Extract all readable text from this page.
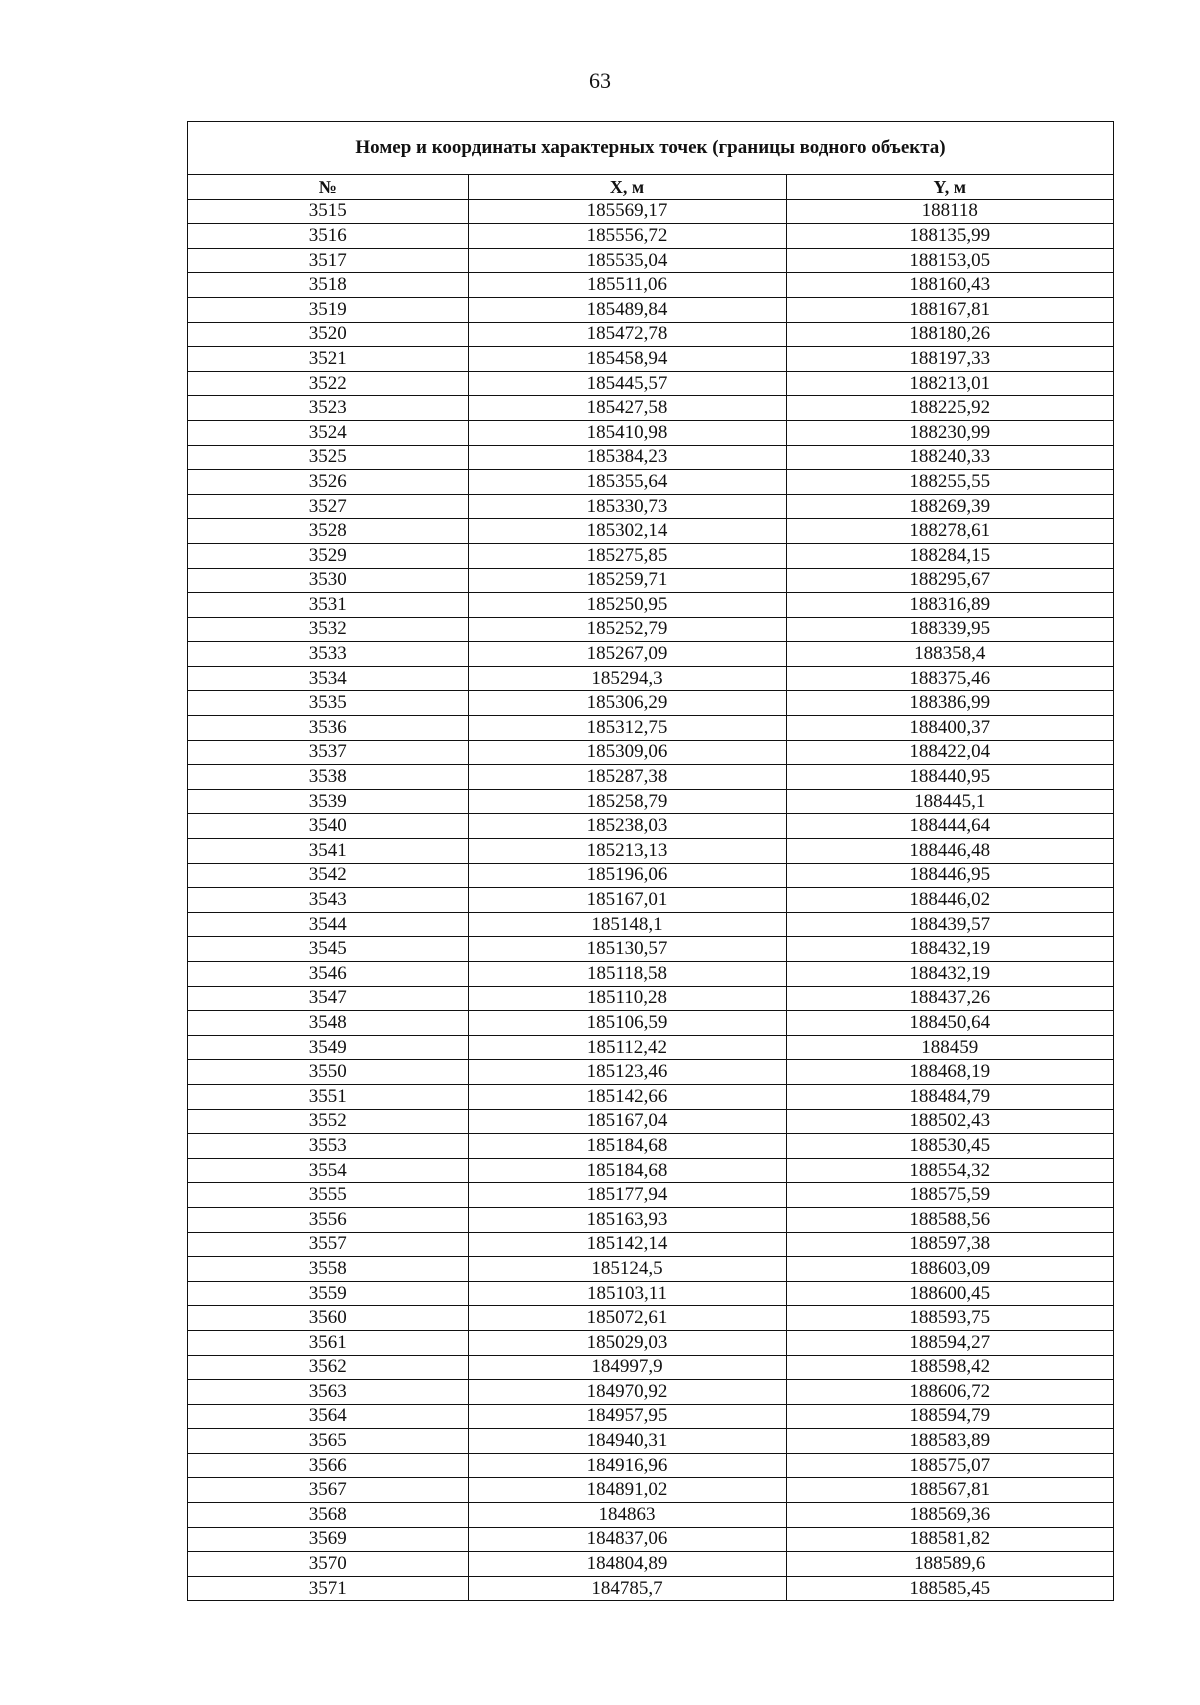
63
Номер и координаты характерных точек (границы водного объекта)
№	X, м	Y, м
3515	185569,17	188118
3516	185556,72	188135,99
3517	185535,04	188153,05
3518	185511,06	188160,43
3519	185489,84	188167,81
3520	185472,78	188180,26
3521	185458,94	188197,33
3522	185445,57	188213,01
3523	185427,58	188225,92
3524	185410,98	188230,99
3525	185384,23	188240,33
3526	185355,64	188255,55
3527	185330,73	188269,39
3528	185302,14	188278,61
3529	185275,85	188284,15
3530	185259,71	188295,67
3531	185250,95	188316,89
3532	185252,79	188339,95
3533	185267,09	188358,4
3534	185294,3	188375,46
3535	185306,29	188386,99
3536	185312,75	188400,37
3537	185309,06	188422,04
3538	185287,38	188440,95
3539	185258,79	188445,1
3540	185238,03	188444,64
3541	185213,13	188446,48
3542	185196,06	188446,95
3543	185167,01	188446,02
3544	185148,1	188439,57
3545	185130,57	188432,19
3546	185118,58	188432,19
3547	185110,28	188437,26
3548	185106,59	188450,64
3549	185112,42	188459
3550	185123,46	188468,19
3551	185142,66	188484,79
3552	185167,04	188502,43
3553	185184,68	188530,45
3554	185184,68	188554,32
3555	185177,94	188575,59
3556	185163,93	188588,56
3557	185142,14	188597,38
3558	185124,5	188603,09
3559	185103,11	188600,45
3560	185072,61	188593,75
3561	185029,03	188594,27
3562	184997,9	188598,42
3563	184970,92	188606,72
3564	184957,95	188594,79
3565	184940,31	188583,89
3566	184916,96	188575,07
3567	184891,02	188567,81
3568	184863	188569,36
3569	184837,06	188581,82
3570	184804,89	188589,6
3571	184785,7	188585,45
